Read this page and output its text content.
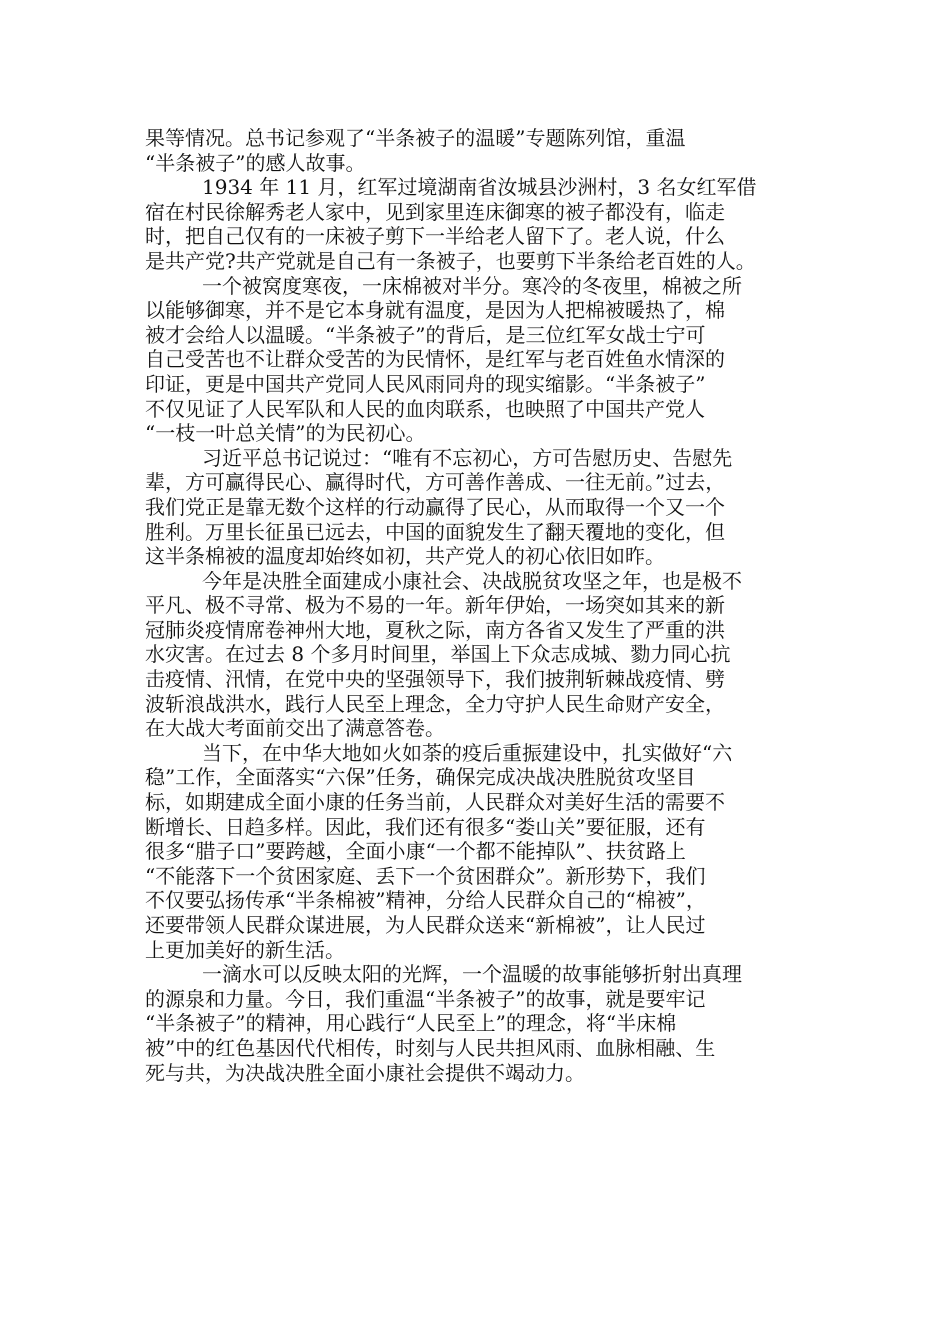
果等情况。总书记参观了“半条被子的温暖”专题陈列馆，重温
“半条被子”的感人故事。

1934 年 11 月，红军过境湖南省汝城县沙洲村，3 名女红军借
宿在村民徐解秀老人家中，见到家里连床御寒的被子都没有，临走
时，把自己仅有的一床被子剪下一半给老人留下了。老人说，什么
是共产党?共产党就是自己有一条被子，也要剪下半条给老百姓的人。

一个被窝度寒夜，一床棉被对半分。寒冷的冬夜里，棉被之所
以能够御寒，并不是它本身就有温度，是因为人把棉被暖热了，棉
被才会给人以温暖。“半条被子”的背后，是三位红军女战士宁可
自己受苦也不让群众受苦的为民情怀，是红军与老百姓鱼水情深的
印证，更是中国共产党同人民风雨同舟的现实缩影。“半条被子”
不仅见证了人民军队和人民的血肉联系，也映照了中国共产党人
“一枝一叶总关情”的为民初心。

习近平总书记说过：“唯有不忘初心，方可告慰历史、告慰先
辈，方可赢得民心、赢得时代，方可善作善成、一往无前。”过去，
我们党正是靠无数个这样的行动赢得了民心，从而取得一个又一个
胜利。万里长征虽已远去，中国的面貌发生了翻天覆地的变化，但
这半条棉被的温度却始终如初，共产党人的初心依旧如昨。

今年是决胜全面建成小康社会、决战脱贫攻坚之年，也是极不
平凡、极不寻常、极为不易的一年。新年伊始，一场突如其来的新
冠肺炎疫情席卷神州大地，夏秋之际，南方各省又发生了严重的洪
水灾害。在过去 8 个多月时间里，举国上下众志成城、勠力同心抗
击疫情、汛情，在党中央的坚强领导下，我们披荆斩棘战疫情、劈
波斩浪战洪水，践行人民至上理念，全力守护人民生命财产安全，
在大战大考面前交出了满意答卷。

当下，在中华大地如火如荼的疫后重振建设中，扎实做好“六
稳”工作，全面落实“六保”任务，确保完成决战决胜脱贫攻坚目
标，如期建成全面小康的任务当前，人民群众对美好生活的需要不
断增长、日趋多样。因此，我们还有很多“娄山关”要征服，还有
很多“腊子口”要跨越，全面小康“一个都不能掉队”、扶贫路上
“不能落下一个贫困家庭、丢下一个贫困群众”。新形势下，我们
不仅要弘扬传承“半条棉被”精神，分给人民群众自己的“棉被”，
还要带领人民群众谋进展，为人民群众送来“新棉被”，让人民过
上更加美好的新生活。

一滴水可以反映太阳的光辉，一个温暖的故事能够折射出真理
的源泉和力量。今日，我们重温“半条被子”的故事，就是要牢记
“半条被子”的精神，用心践行“人民至上”的理念，将“半床棉
被”中的红色基因代代相传，时刻与人民共担风雨、血脉相融、生
死与共，为决战决胜全面小康社会提供不竭动力。
